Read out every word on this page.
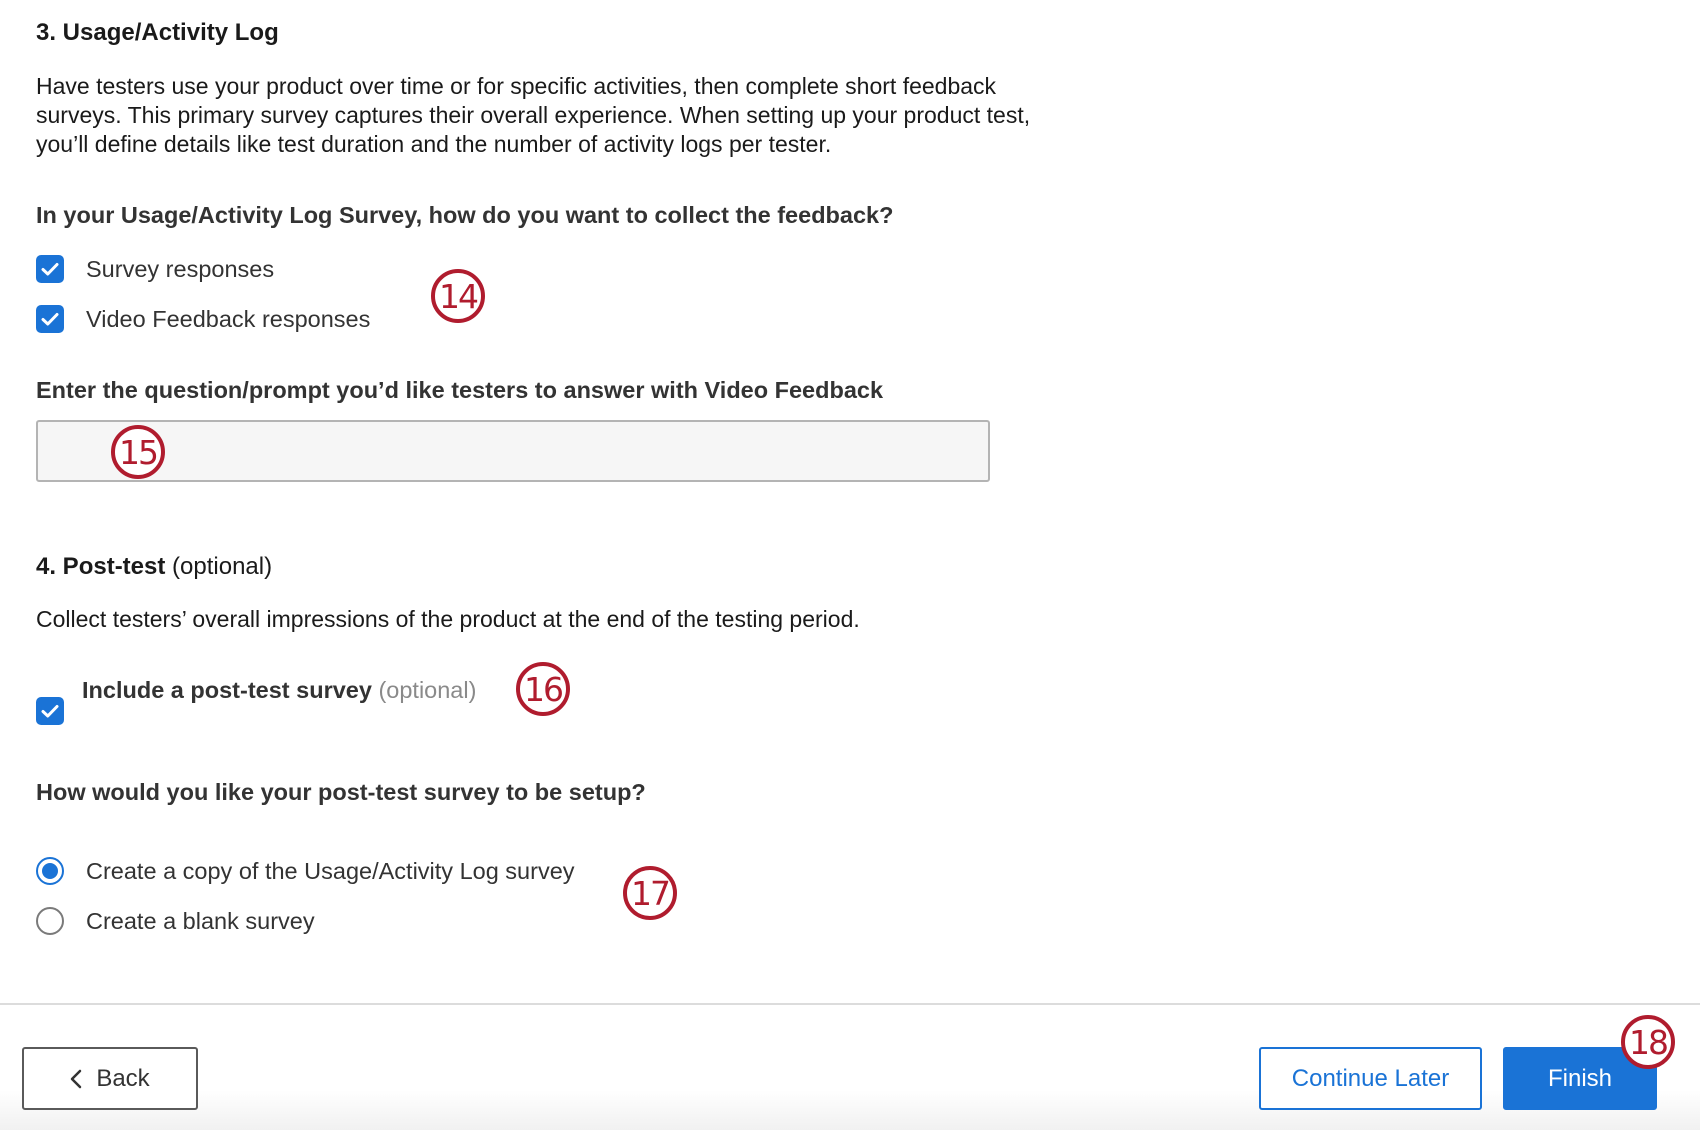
3. Usage/Activity Log

Have testers use your product over time or for specific activities, then complete short feedback

surveys. This primary survey captures their overall experience. When setting up your product test,

you’ll define details like test duration and the number of activity logs per tester.

In your Usage/Activity Log Survey, how do you want to collect the feedback?
Survey responses
Video Feedback responses
14
Enter the question/prompt you’d like testers to answer with Video Feedback
15
4. Post-test (optional)

Collect testers’ overall impressions of the product at the end of the testing period.

Include a post-test survey (optional) 16
How would you like your post-test survey to be setup?
Create a copy of the Usage/Activity Log survey
Create a blank survey
17
Back	Continue Later	Finish
18
